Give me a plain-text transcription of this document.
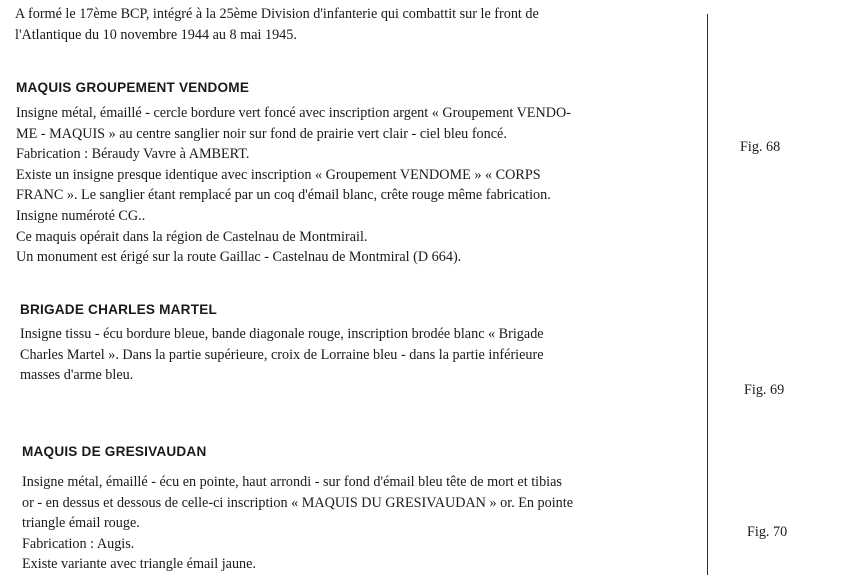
A formé le 17ème BCP, intégré à la 25ème Division d'infanterie qui combattit sur le front de
l'Atlantique du 10 novembre 1944 au 8 mai 1945.

MAQUIS GROUPEMENT VENDOME

Insigne métal, émaillé - cercle bordure vert foncé avec inscription argent « Groupement VENDO-
ME - MAQUIS » au centre sanglier noir sur fond de prairie vert clair - ciel bleu foncé.
Fabrication : Béraudy Vavre à AMBERT.
Existe un insigne presque identique avec inscription « Groupement VENDOME » « CORPS
FRANC ». Le sanglier étant remplacé par un coq d'émail blanc, crête rouge même fabrication.
Insigne numéroté CG..
Ce maquis opérait dans la région de Castelnau de Montmirail.
Un monument est érigé sur la route Gaillac - Castelnau de Montmiral (D 664).

BRIGADE CHARLES MARTEL

Insigne tissu - écu bordure bleue, bande diagonale rouge, inscription brodée blanc « Brigade
Charles Martel ». Dans la partie supérieure, croix de Lorraine bleu - dans la partie inférieure
masses d'arme bleu.

MAQUIS DE GRESIVAUDAN

Insigne métal, émaillé - écu en pointe, haut arrondi - sur fond d'émail bleu tête de mort et tibias
or - en dessus et dessous de celle-ci inscription « MAQUIS DU GRESIVAUDAN » or. En pointe
triangle émail rouge.
Fabrication : Augis.
Existe variante avec triangle émail jaune.

Fig. 68
Fig. 69
Fig. 70
